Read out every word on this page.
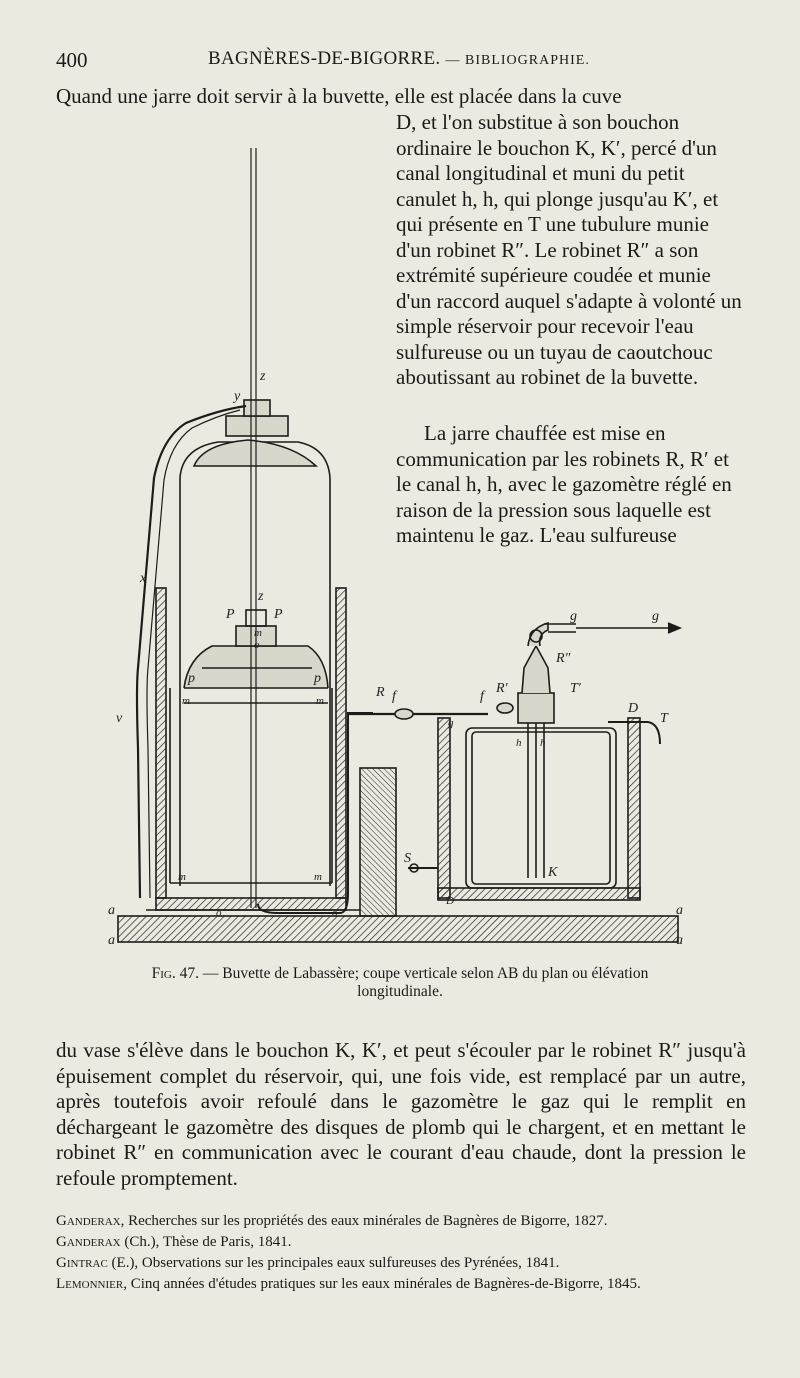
400	BAGNÈRES-DE-BIGORRE. — BIBLIOGRAPHIE.

Quand une jarre doit servir à la buvette, elle est placée dans la cuve

D, et l'on substitue à son bouchon ordinaire le bouchon K, K′, percé d'un canal longitudinal et muni du petit canulet h, h, qui plonge jusqu'au K′, et qui présente en T une tubulure munie d'un robinet R″. Le robinet R″ a son extrémité supérieure coudée et munie d'un raccord auquel s'adapte à volonté un simple réservoir pour recevoir l'eau sulfureuse ou un tuyau de caoutchouc aboutissant au robinet de la buvette.

La jarre chauffée est mise en communication par les robinets R, R′ et le canal h, h, avec le gazomètre réglé en raison de la pression sous laquelle est maintenu le gaz. L'eau sulfureuse

z
y
z
x
v
P	P
m
o
p	p
m	m
m	m
o	o
a
a
a
a
R f	f
R′	T′
R″
g	g
D
T
h h
K
S
D
g
Fig. 47. — Buvette de Labassère; coupe verticale selon AB du plan ou élévation longitudinale.

du vase s'élève dans le bouchon K, K′, et peut s'écouler par le robinet R″ jusqu'à épuisement complet du réservoir, qui, une fois vide, est remplacé par un autre, après toutefois avoir refoulé dans le gazomètre le gaz qui le remplit en déchargeant le gazomètre des disques de plomb qui le chargent, et en mettant le robinet R″ en communication avec le courant d'eau chaude, dont la pression le refoule promptement.

Ganderax, Recherches sur les propriétés des eaux minérales de Bagnères de Bigorre, 1827.

Ganderax (Ch.), Thèse de Paris, 1841.

Gintrac (E.), Observations sur les principales eaux sulfureuses des Pyrénées, 1841.

Lemonnier, Cinq années d'études pratiques sur les eaux minérales de Bagnères-de-Bigorre, 1845.
